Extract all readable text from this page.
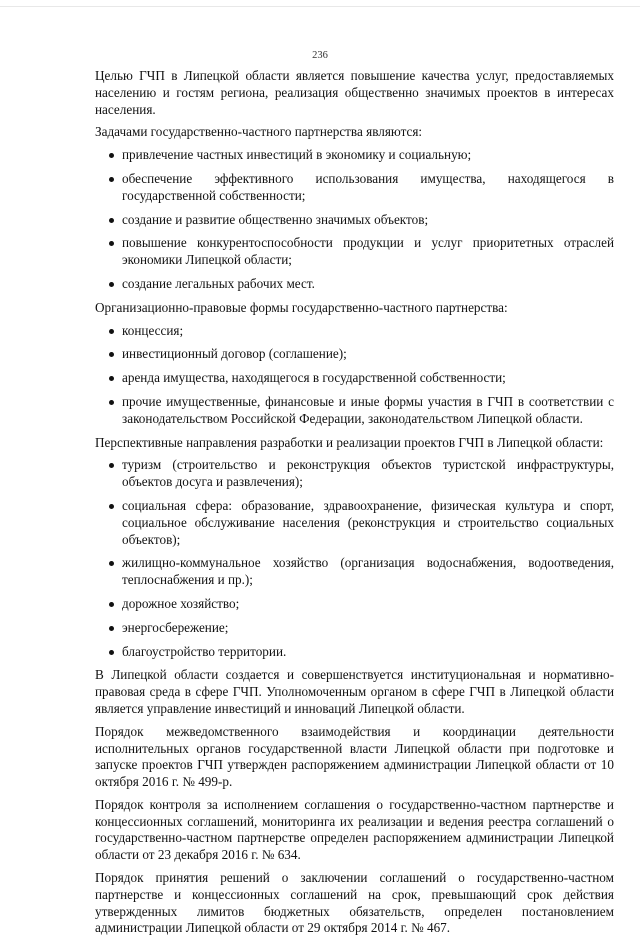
236

Целью ГЧП в Липецкой области является повышение качества услуг, предоставляемых населению и гостям региона, реализация общественно значимых проектов в интересах населения.

Задачами государственно-частного партнерства являются:

привлечение частных инвестиций в экономику и социальную;
обеспечение эффективного использования имущества, находящегося в государственной собственности;
создание и развитие общественно значимых объектов;
повышение конкурентоспособности продукции и услуг приоритетных отраслей экономики Липецкой области;
создание легальных рабочих мест.

Организационно-правовые формы государственно-частного партнерства:

концессия;
инвестиционный договор (соглашение);
аренда имущества, находящегося в государственной собственности;
прочие имущественные, финансовые и иные формы участия в ГЧП в соответствии с законодательством Российской Федерации, законодательством Липецкой области.

Перспективные направления разработки и реализации проектов ГЧП в Липецкой области:

туризм (строительство и реконструкция объектов туристской инфраструктуры, объектов досуга и развлечения);
социальная сфера: образование, здравоохранение, физическая культура и спорт, социальное обслуживание населения (реконструкция и строительство социальных объектов);
жилищно-коммунальное хозяйство (организация водоснабжения, водоотведения, теплоснабжения и пр.);
дорожное хозяйство;
энергосбережение;
благоустройство территории.

В Липецкой области создается и совершенствуется институциональная и нормативно-правовая среда в сфере ГЧП. Уполномоченным органом в сфере ГЧП в Липецкой области является управление инвестиций и инноваций Липецкой области.

Порядок межведомственного взаимодействия и координации деятельности исполнительных органов государственной власти Липецкой области при подготовке и запуске проектов ГЧП утвержден распоряжением администрации Липецкой области от 10 октября 2016 г. № 499-р.

Порядок контроля за исполнением соглашения о государственно-частном партнерстве и концессионных соглашений, мониторинга их реализации и ведения реестра соглашений о государственно-частном партнерстве определен распоряжением администрации Липецкой области от 23 декабря 2016 г. № 634.

Порядок принятия решений о заключении соглашений о государственно-частном партнерстве и концессионных соглашений на срок, превышающий срок действия утвержденных лимитов бюджетных обязательств, определен постановлением администрации Липецкой области от 29 октября 2014 г. № 467.
